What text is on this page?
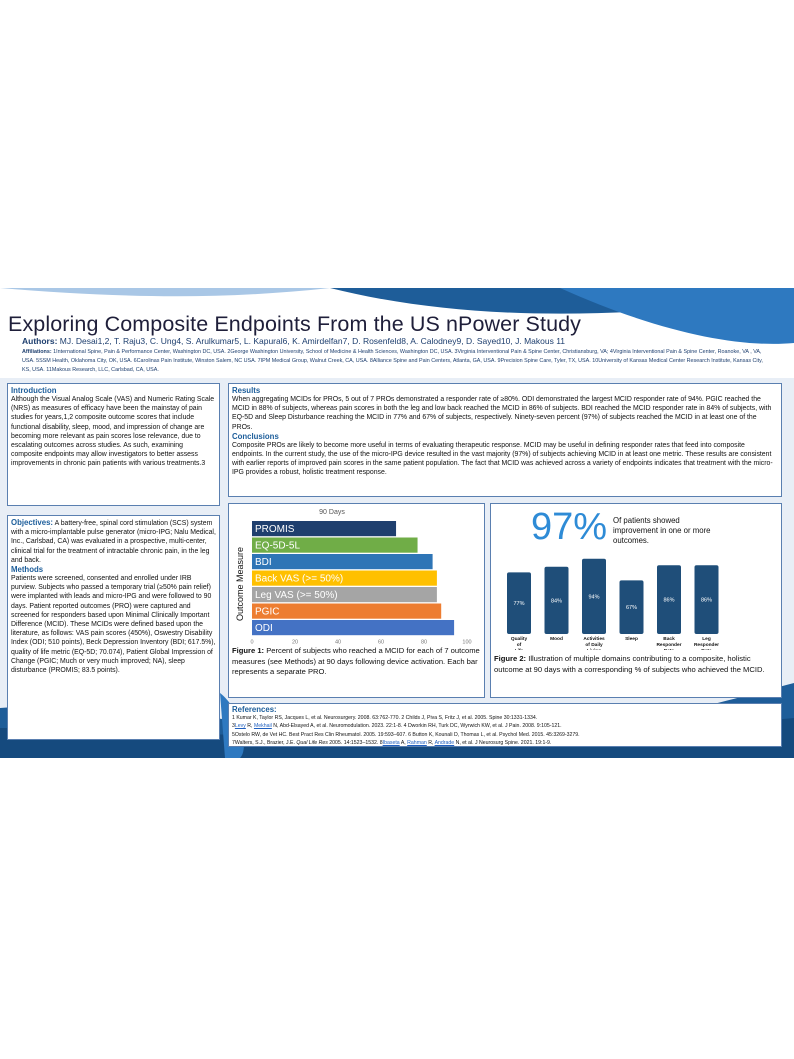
Exploring Composite Endpoints From the US nPower Study
Authors: MJ. Desai1,2, T. Raju3, C. Ung4, S. Arulkumar5, L. Kapural6, K. Amirdelfan7, D. Rosenfeld8, A. Calodney9, D. Sayed10, J. Makous 11
Affiliations: 1International Spine, Pain & Performance Center, Washington DC, USA. 2George Washington University, School of Medicine & Health Sciences, Washington DC, USA. 3Virginia Interventional Pain & Spine Center, Christiansburg, VA; 4Virginia Interventional Pain & Spine Center, Roanoke, VA , VA, USA. 5SSM Health, Oklahoma City, OK, USA. 6Carolinas Pain Institute, Winston Salem, NC USA. 7IPM Medical Group, Walnut Creek, CA, USA. 8Alliance Spine and Pain Centers, Atlanta, GA, USA. 9Precision Spine Care, Tyler, TX, USA. 10University of Kansas Medical Center Research Institute, Kansas City, KS, USA. 11Makous Research, LLC, Carlsbad, CA, USA.
Introduction
Although the Visual Analog Scale (VAS) and Numeric Rating Scale (NRS) as measures of efficacy have been the mainstay of pain studies for years,1,2 composite outcome scores that include functional disability, sleep, mood, and impression of change are becoming more relevant as pain scores lose relevance, due to escalating outcomes across studies. As such, examining composite endpoints may allow investigators to better assess improvements in chronic pain patients with various treatments.3
Objectives: A battery-free, spinal cord stimulation (SCS) system with a micro-implantable pulse generator (micro-IPG; Nalu Medical, Inc., Carlsbad, CA) was evaluated in a prospective, multi-center, clinical trial for the treatment of intractable chronic pain, in the leg and back.
Methods
Patients were screened, consented and enrolled under IRB purview. Subjects who passed a temporary trial (≥50% pain relief) were implanted with leads and micro-IPG and were followed to 90 days. Patient reported outcomes (PRO) were captured and screened for responders based upon Minimal Clinically Important Difference (MCID). These MCIDs were defined based upon the literature, as follows: VAS pain scores (450%), Oswestry Disability Index (ODI; 510 points), Beck Depression Inventory (BDI; 617.5%), quality of life metric (EQ-5D; 70.074), Patient Global Impression of Change (PGIC; Much or very much improved; NA), sleep disturbance (PROMIS; 83.5 points).
Results
When aggregating MCIDs for PROs, 5 out of 7 PROs demonstrated a responder rate of ≥80%. ODI demonstrated the largest MCID responder rate of 94%. PGIC reached the MCID in 88% of subjects, whereas pain scores in both the leg and low back reached the MCID in 86% of subjects. BDI reached the MCID responder rate in 84% of subjects, with EQ-5D and Sleep Disturbance reaching the MCID in 77% and 67% of subjects, respectively. Ninety-seven percent (97%) of subjects reached the MCID in at least one of the PROs.
Conclusions
Composite PROs are likely to become more useful in terms of evaluating therapeutic response. MCID may be useful in defining responder rates that feed into composite endpoints. In the current study, the use of the micro-IPG device resulted in the vast majority (97%) of subjects achieving MCID in at least one metric. These results are consistent with earlier reports of improved pain scores in the same patient population. The fact that MCID was achieved across a variety of endpoints indicates that treatment with the micro-IPG provides a robust, holistic treatment response.
90 Days
PROMIS
EQ-5D-5L
BDI
Back VAS (>= 50%)
Leg VAS (>= 50%)
PGIC
ODI
0	20	40	60	80	100
Outcome Measure
Figure 1: Percent of subjects who reached a MCID for each of 7 outcome measures (see Methods) at 90 days following device activation. Each bar represents a separate PRO.
97% Of patients showed improvement in one or more outcomes.
77%
Quality
of
84%
Mood
94%
Activities
of Daily
67%
Sleep
86%
Back
Responder
86%
Leg
Responder
Figure 2: Illustration of multiple domains contributing to a composite, holistic outcome at 90 days with a corresponding % of subjects who achieved the MCID.
References:
1 Kumar K, Taylor RS, Jacques L, et al. Neurosurgery. 2008. 63:762-770. 2 Childs J, Piva S, Fritz J, et al. 2005. Spine 30:1331-1334.
3Levy R, Mekhail N, Abd-Elsayed A, et al. Neuromodulation. 2023. 22:1-8. 4 Dworkin RH, Turk DC, Wyrwich KW, et al. J Pain. 2008. 9:105-121.
5Ostelo RW, de Vet HC. Best Pract Res Clin Rheumatol. 2005. 19:593–607. 6 Button K, Kounali D, Thomas L, et al. Psychol Med. 2015. 45:3269-3279.
7Walters, S.J., Brazier, J.E. Qual Life Res 2005. 14:1523–1532. 8Ibaseta A, Rahman R, Andrade N, et al. J Neurosurg Spine. 2021. 19:1-9.
